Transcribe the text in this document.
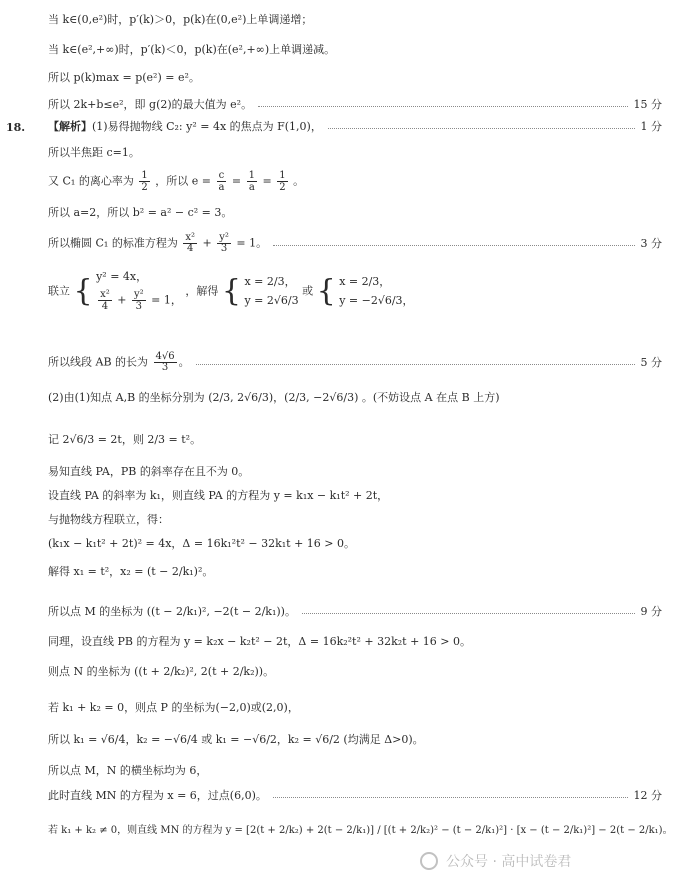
当 k∈(0,e²)时，p′(k)＞0，p(k)在(0,e²)上单调递增；
当 k∈(e²,+∞)时，p′(k)＜0，p(k)在(e²,+∞)上单调递减。
所以 p(k)max = p(e²) = e²。
所以 2k+b≤e²，即 g(2)的最大值为 e²。	15 分
18. 【解析】(1)易得抛物线 C₂: y² = 4x 的焦点为 F(1,0)，	1 分
所以半焦距 c=1。
又 C₁ 的离心率为 $\frac{1}{2}$ ，所以 $e = \frac{c}{a} = \frac{1}{a} = \frac{1}{2}$ 。
所以 a=2，所以 b² = a² − c² = 3。
所以椭圆 C₁ 的标准方程为 $\frac{\text{x²}}{4} + \frac{\text{y²}}{3} = 1$。	3 分
联立 { y² = 4x，
$\frac{\text{x²}}{4} + \frac{\text{y²}}{3} = 1$，
，解得 { x = 2/3，
y = 2√6/3
或 { x = 2/3，
y = −2√6/3，
所以线段 AB 的长为 $\frac{4√6}{3}$ 。	5 分
(2)由(1)知点 A,B 的坐标分别为 (2/3, 2√6/3)，(2/3, −2√6/3) 。(不妨设点 A 在点 B 上方)
记 2√6/3 = 2t，则 2/3 = t²。
易知直线 PA，PB 的斜率存在且不为 0。
设直线 PA 的斜率为 k₁，则直线 PA 的方程为 y = k₁x − k₁t² + 2t，
与抛物线方程联立，得：
(k₁x − k₁t² + 2t)² = 4x，Δ = 16k₁²t² − 32k₁t + 16 > 0。
解得 x₁ = t²，x₂ = (t − 2/k₁)²。
所以点 M 的坐标为 ((t − 2/k₁)², −2(t − 2/k₁))。	9 分
同理，设直线 PB 的方程为 y = k₂x − k₂t² − 2t，Δ = 16k₂²t² + 32k₂t + 16 > 0。
则点 N 的坐标为 ((t + 2/k₂)², 2(t + 2/k₂))。
若 k₁ + k₂ = 0，则点 P 的坐标为(−2,0)或(2,0)，
所以 k₁ = √6/4，k₂ = −√6/4 或 k₁ = −√6/2，k₂ = √6/2 (均满足 Δ>0)。
所以点 M，N 的横坐标均为 6，
此时直线 MN 的方程为 x = 6，过点(6,0)。	12 分
若 k₁ + k₂ ≠ 0，则直线 MN 的方程为 y = [2(t + 2/k₂) + 2(t − 2/k₁)] / [(t + 2/k₂)² − (t − 2/k₁)²] · [x − (t − 2/k₁)²] − 2(t − 2/k₁)。
公众号 · 高中试卷君
